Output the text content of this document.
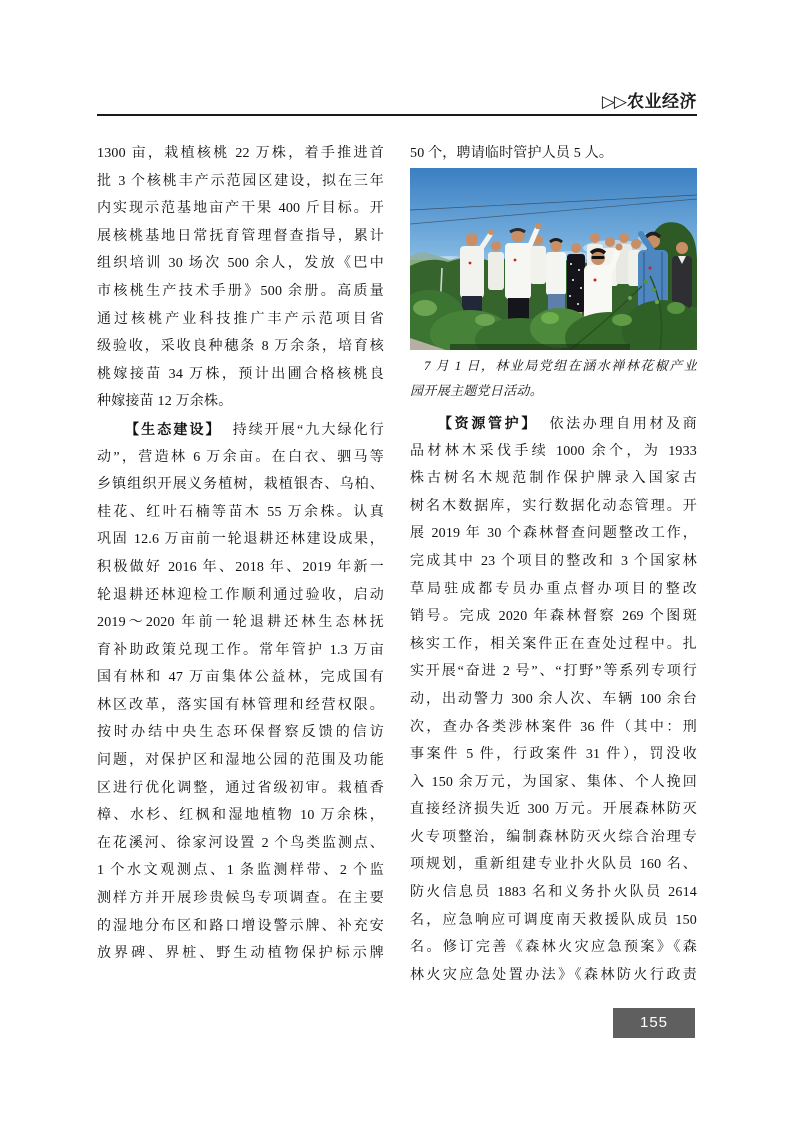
▷▷农业经济
1300 亩，栽植核桃 22 万株，着手推进首
批 3 个核桃丰产示范园区建设，拟在三年
内实现示范基地亩产干果 400 斤目标。开
展核桃基地日常抚育管理督查指导，累计
组织培训 30 场次 500 余人，发放《巴中
市核桃生产技术手册》500 余册。高质量
通过核桃产业科技推广丰产示范项目省
级验收，采收良种穗条 8 万余条，培育核
桃嫁接苗 34 万株，预计出圃合格核桃良
种嫁接苗 12 万余株。
【生态建设】 持续开展“九大绿化行
动”，营造林 6 万余亩。在白衣、驷马等
乡镇组织开展义务植树，栽植银杏、乌柏、
桂花、红叶石楠等苗木 55 万余株。认真
巩固 12.6 万亩前一轮退耕还林建设成果，
积极做好 2016 年、2018 年、2019 年新一
轮退耕还林迎检工作顺利通过验收，启动
2019～2020 年前一轮退耕还林生态林抚
育补助政策兑现工作。常年管护 1.3 万亩
国有林和 47 万亩集体公益林，完成国有
林区改革，落实国有林管理和经营权限。
按时办结中央生态环保督察反馈的信访
问题，对保护区和湿地公园的范围及功能
区进行优化调整，通过省级初审。栽植香
樟、水杉、红枫和湿地植物 10 万余株，
在花溪河、徐家河设置 2 个鸟类监测点、
1 个水文观测点、1 条监测样带、2 个监
测样方并开展珍贵候鸟专项调查。在主要
的湿地分布区和路口增设警示牌、补充安
放界碑、界桩、野生动植物保护标示牌
50 个，聘请临时管护人员 5 人。
7 月 1 日，林业局党组在涵水禅林花椒产业
园开展主题党日活动。
【资源管护】 依法办理自用材及商
品材林木采伐手续 1000 余个，为 1933
株古树名木规范制作保护牌录入国家古
树名木数据库，实行数据化动态管理。开
展 2019 年 30 个森林督查问题整改工作，
完成其中 23 个项目的整改和 3 个国家林
草局驻成都专员办重点督办项目的整改
销号。完成 2020 年森林督察 269 个图斑
核实工作，相关案件正在查处过程中。扎
实开展“奋进 2 号”、“打野”等系列专项行
动，出动警力 300 余人次、车辆 100 余台
次，查办各类涉林案件 36 件（其中：刑
事案件 5 件，行政案件 31 件），罚没收
入 150 余万元，为国家、集体、个人挽回
直接经济损失近 300 万元。开展森林防灭
火专项整治，编制森林防灭火综合治理专
项规划，重新组建专业扑火队员 160 名、
防火信息员 1883 名和义务扑火队员 2614
名，应急响应可调度南天救援队成员 150
名。修订完善《森林火灾应急预案》《森
林火灾应急处置办法》《森林防火行政责
155
